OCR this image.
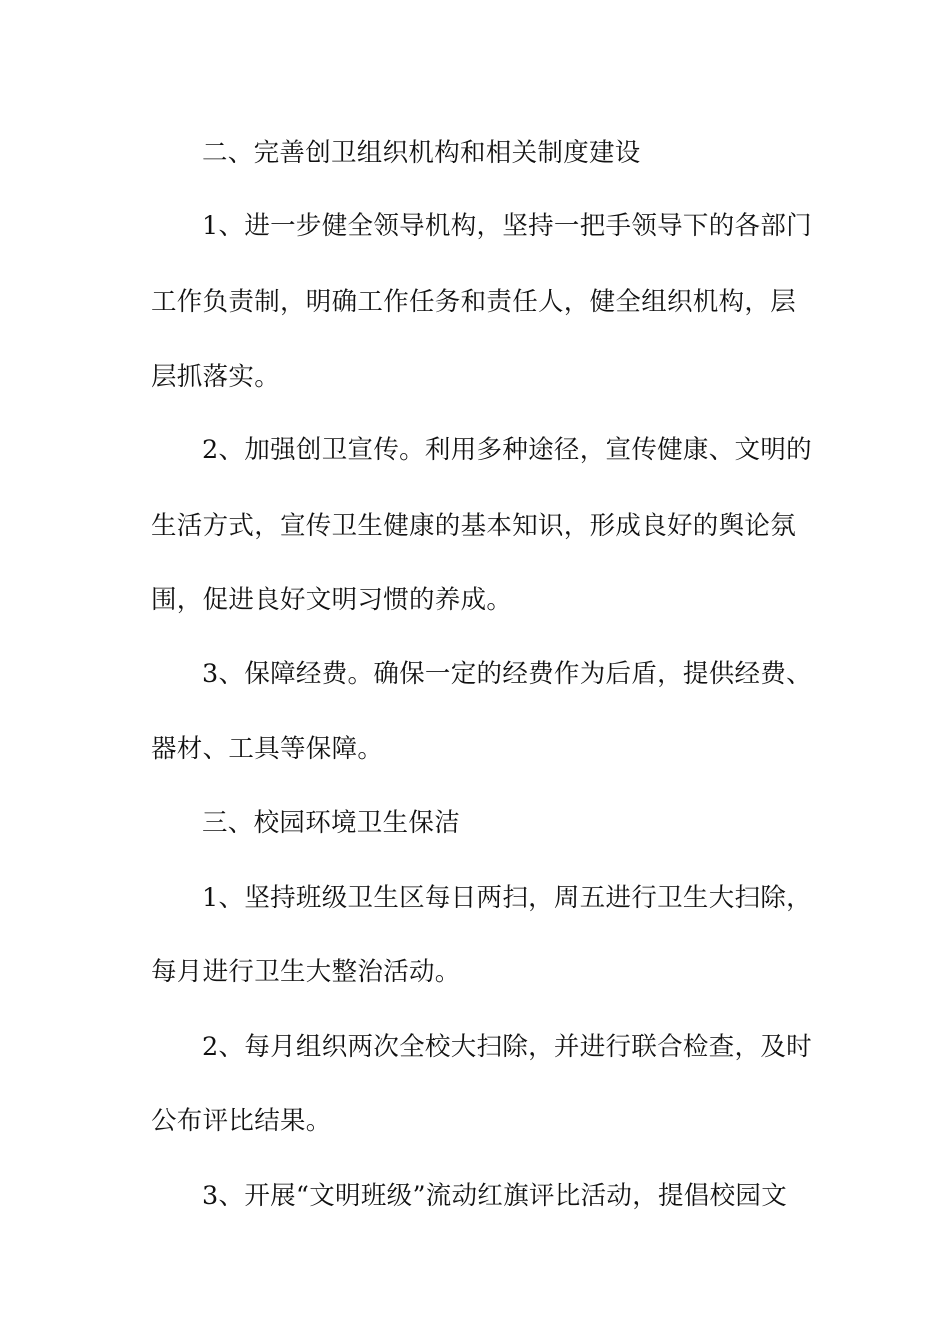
二、完善创卫组织机构和相关制度建设
1、进一步健全领导机构，坚持一把手领导下的各部门
工作负责制，明确工作任务和责任人，健全组织机构，层
层抓落实。
2、加强创卫宣传。利用多种途径，宣传健康、文明的
生活方式，宣传卫生健康的基本知识，形成良好的舆论氛
围，促进良好文明习惯的养成。
3、保障经费。确保一定的经费作为后盾，提供经费、
器材、工具等保障。
三、校园环境卫生保洁
1、坚持班级卫生区每日两扫，周五进行卫生大扫除，
每月进行卫生大整治活动。
2、每月组织两次全校大扫除，并进行联合检查，及时
公布评比结果。
3、开展“文明班级”流动红旗评比活动，提倡校园文
